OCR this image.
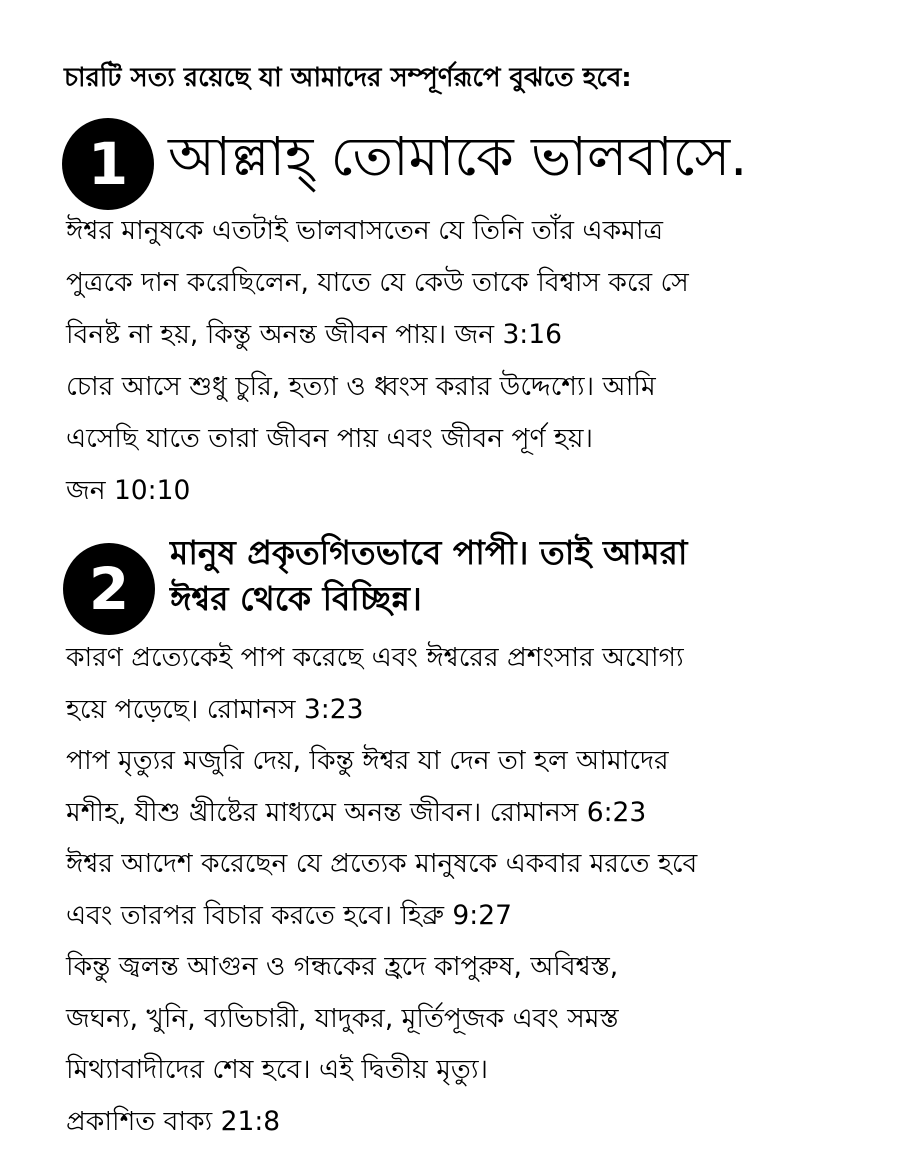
চারটি সত্য রয়েছে যা আমাদের সম্পূর্ণরূপে বুঝতে হবে:
1 আল্লাহ্ তোমাকে ভালবাসে.
ঈশ্বর মানুষকে এতটাই ভালবাসতেন যে তিনি তাঁর একমাত্র
পুত্রকে দান করেছিলেন, যাতে যে কেউ তাকে বিশ্বাস করে সে
বিনষ্ট না হয়, কিন্তু অনন্ত জীবন পায়। জন 3:16
চোর আসে শুধু চুরি, হত্যা ও ধ্বংস করার উদ্দেশ্যে। আমি
এসেছি যাতে তারা জীবন পায় এবং জীবন পূর্ণ হয়।
জন 10:10
2
মানুষ প্রকৃতগিতভাবে পাপী। তাই আমরা
ঈশ্বর থেকে বিচ্ছিন্ন।
কারণ প্রত্যেকেই পাপ করেছে এবং ঈশ্বরের প্রশংসার অযোগ্য
হয়ে পড়েছে। রোমানস 3:23
পাপ মৃত্যুর মজুরি দেয়, কিন্তু ঈশ্বর যা দেন তা হল আমাদের
মশীহ, যীশু খ্রীষ্টের মাধ্যমে অনন্ত জীবন। রোমানস 6:23
ঈশ্বর আদেশ করেছেন যে প্রত্যেক মানুষকে একবার মরতে হবে
এবং তারপর বিচার করতে হবে। হিব্রু 9:27
কিন্তু জ্বলন্ত আগুন ও গন্ধকের হ্রদে কাপুরুষ, অবিশ্বস্ত,
জঘন্য, খুনি, ব্যভিচারী, যাদুকর, মূর্তিপূজক এবং সমস্ত
মিথ্যাবাদীদের শেষ হবে। এই দ্বিতীয় মৃত্যু।
প্রকাশিত বাক্য 21:8
